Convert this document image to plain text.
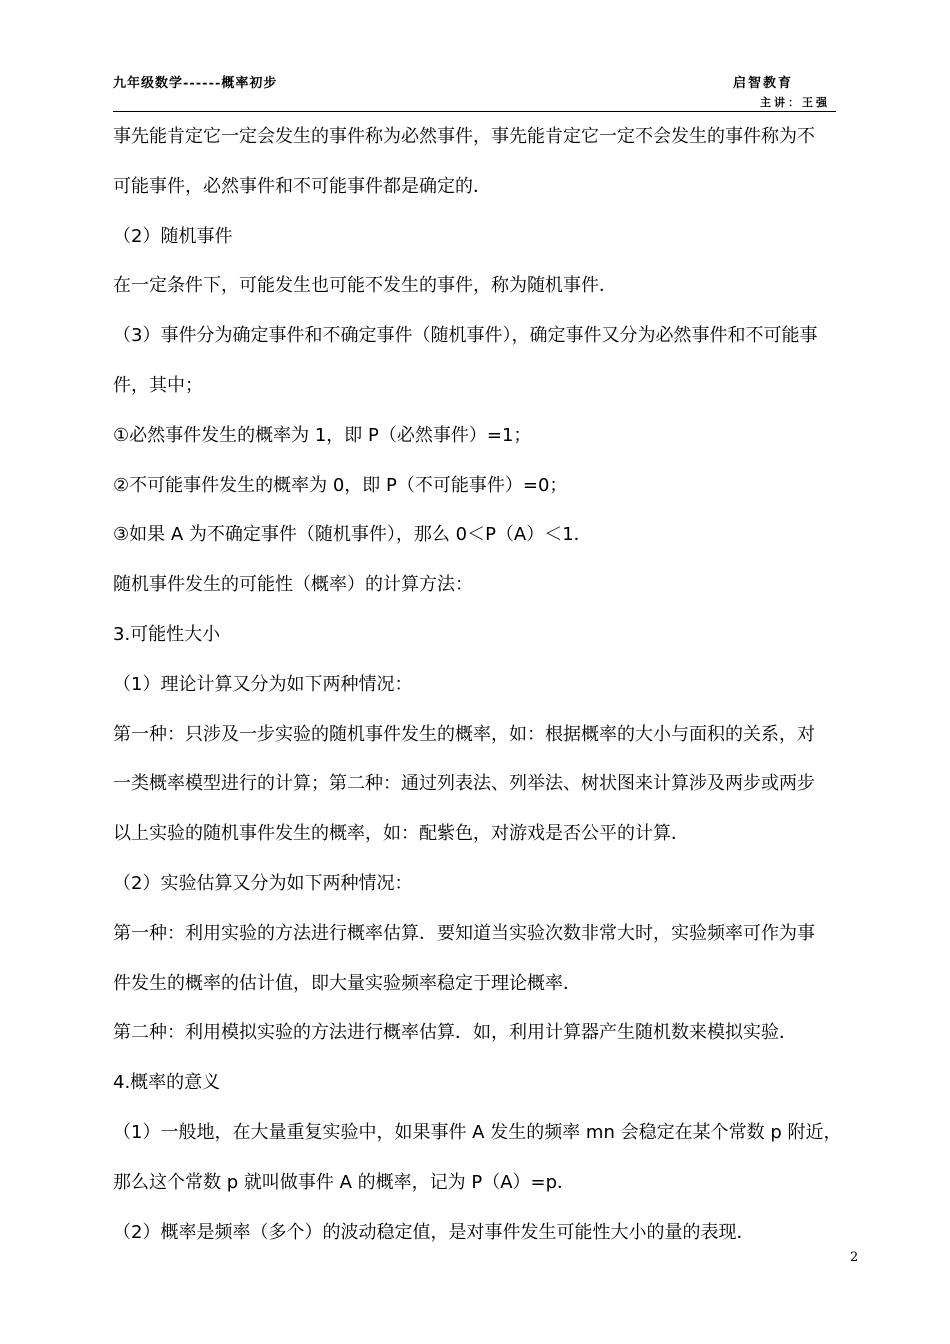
九年级数学------概率初步	启智教育
主讲：王强

事先能肯定它一定会发生的事件称为必然事件，事先能肯定它一定不会发生的事件称为不

可能事件，必然事件和不可能事件都是确定的．

（2）随机事件

在一定条件下，可能发生也可能不发生的事件，称为随机事件．

（3）事件分为确定事件和不确定事件（随机事件），确定事件又分为必然事件和不可能事

件，其中；

①必然事件发生的概率为 1，即 P（必然事件）=1；

②不可能事件发生的概率为 0，即 P（不可能事件）=0；

③如果 A 为不确定事件（随机事件），那么 0＜P（A）＜1．

随机事件发生的可能性（概率）的计算方法：

3.可能性大小

（1）理论计算又分为如下两种情况：

第一种：只涉及一步实验的随机事件发生的概率，如：根据概率的大小与面积的关系，对

一类概率模型进行的计算；第二种：通过列表法、列举法、树状图来计算涉及两步或两步

以上实验的随机事件发生的概率，如：配紫色，对游戏是否公平的计算．

（2）实验估算又分为如下两种情况：

第一种：利用实验的方法进行概率估算．要知道当实验次数非常大时，实验频率可作为事

件发生的概率的估计值，即大量实验频率稳定于理论概率．

第二种：利用模拟实验的方法进行概率估算．如，利用计算器产生随机数来模拟实验．

4.概率的意义

（1）一般地，在大量重复实验中，如果事件 A 发生的频率 mn 会稳定在某个常数 p 附近，

那么这个常数 p 就叫做事件 A 的概率，记为 P（A）=p．

（2）概率是频率（多个）的波动稳定值，是对事件发生可能性大小的量的表现．

2
